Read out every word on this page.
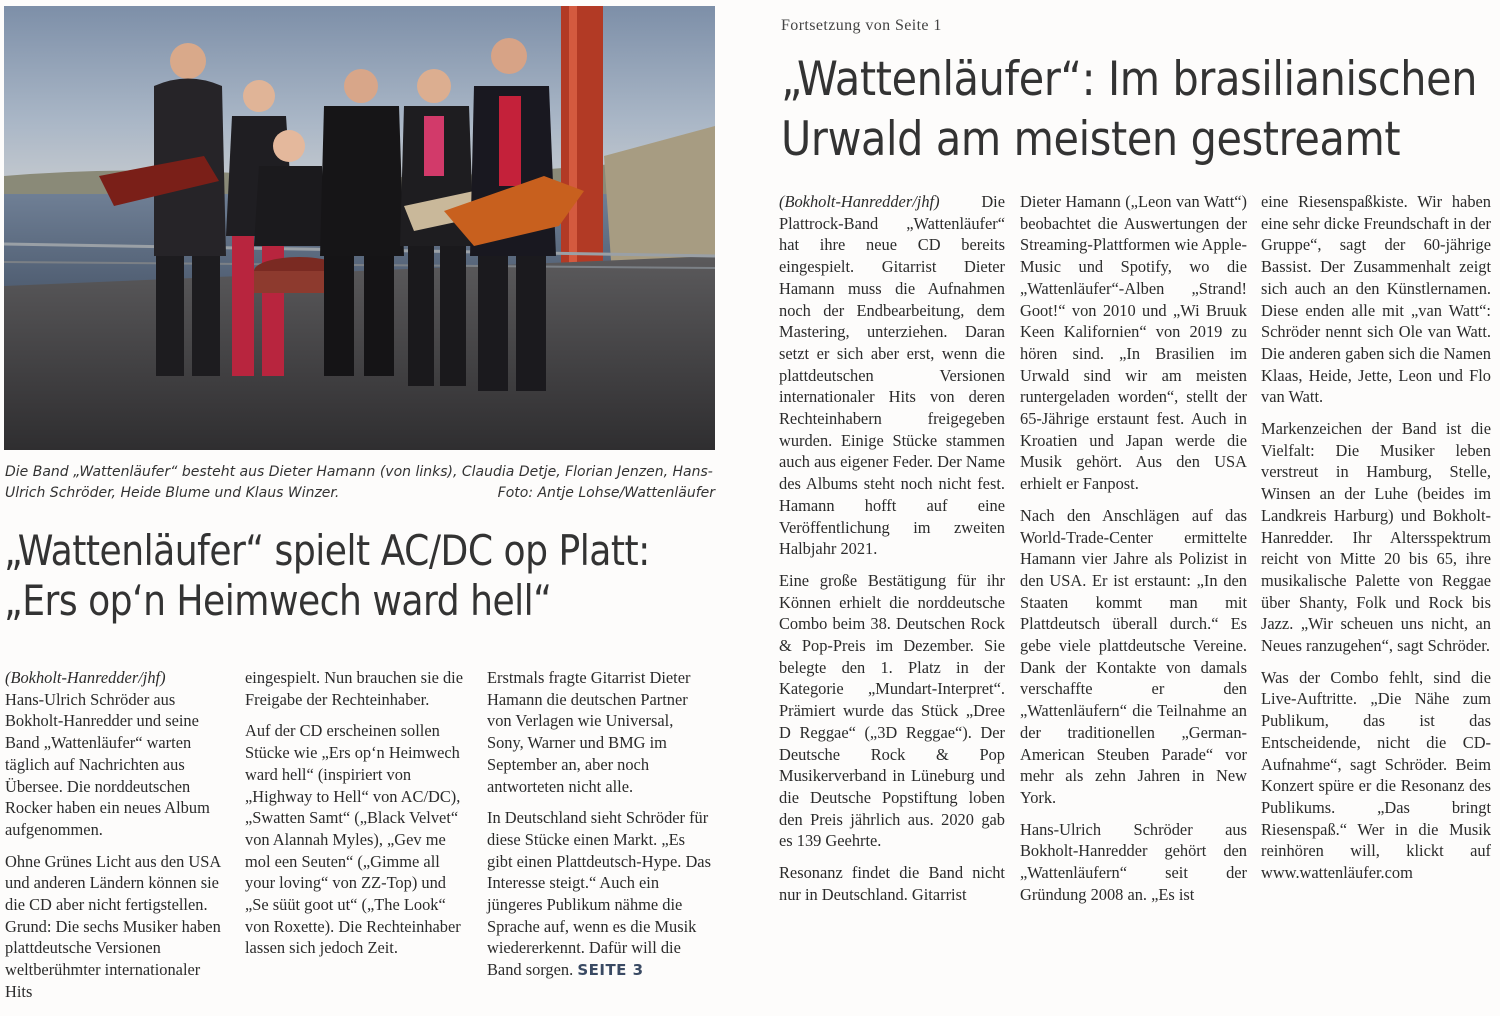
Die Band „Wattenläufer“ besteht aus Dieter Hamann (von links), Claudia Detje, Florian Jenzen, Hans-Ulrich Schröder, Heide Blume und Klaus Winzer.	Foto: Antje Lohse/Wattenläufer
„Wattenläufer“ spielt AC/DC op Platt:
„Ers op‘n Heimwech ward hell“

(Bokholt-Hanredder/jhf)
Hans-Ulrich Schröder aus Bokholt-Hanredder und seine Band „Wattenläufer“ warten täglich auf Nachrichten aus Übersee. Die norddeutschen Rocker haben ein neues Album aufgenommen.

Ohne Grünes Licht aus den USA und anderen Ländern können sie die CD aber nicht fertigstellen. Grund: Die sechs Musiker haben plattdeutsche Versionen weltberühmter internationaler Hits

eingespielt. Nun brauchen sie die Freigabe der Rechteinhaber.

Auf der CD erscheinen sollen Stücke wie „Ers op‘n Heimwech ward hell“ (inspiriert von „Highway to Hell“ von AC/DC), „Swatten Samt“ („Black Velvet“ von Alannah Myles), „Gev me mol een Seuten“ („Gimme all your loving“ von ZZ-Top) und „Se süüt goot ut“ („The Look“ von Roxette). Die Rechteinhaber lassen sich jedoch Zeit.

Erstmals fragte Gitarrist Dieter Hamann die deutschen Partner von Verlagen wie Universal, Sony, Warner und BMG im September an, aber noch antworteten nicht alle.

In Deutschland sieht Schröder für diese Stücke einen Markt. „Es gibt einen Plattdeutsch-Hype. Das Interesse steigt.“ Auch ein jüngeres Publikum nähme die Sprache auf, wenn es die Musik wiedererkennt. Dafür will die Band sorgen. SEITE 3

Fortsetzung von Seite 1
„Wattenläufer“: Im brasilianischen
Urwald am meisten gestreamt

(Bokholt-Hanredder/jhf)	Die Plattrock-Band „Wattenläufer“ hat ihre neue CD bereits eingespielt. Gitarrist Dieter Hamann muss die Aufnahmen noch der Endbearbeitung, dem Mastering, unterziehen. Daran setzt er sich aber erst, wenn die plattdeutschen Versionen internationaler Hits von deren Rechteinhabern freigegeben wurden. Einige Stücke stammen auch aus eigener Feder. Der Name des Albums steht noch nicht fest. Hamann hofft auf eine Veröffentlichung im zweiten Halbjahr 2021.

Eine große Bestätigung für ihr Können erhielt die norddeutsche Combo beim 38. Deutschen Rock & Pop-Preis im Dezember. Sie belegte den 1. Platz in der Kategorie „Mundart-Interpret“. Prämiert wurde das Stück „Dree D Reggae“ („3D Reggae“). Der Deutsche Rock & Pop Musikerverband in Lüneburg und die Deutsche Popstiftung loben den Preis jährlich aus. 2020 gab es 139 Geehrte.

Resonanz findet die Band nicht nur in Deutschland. Gitarrist

Dieter Hamann („Leon van Watt“) beobachtet die Auswertungen der Streaming-Plattformen wie Apple-Music und Spotify, wo die „Wattenläufer“-Alben „Strand! Goot!“ von 2010 und „Wi Bruuk Keen Kalifornien“ von 2019 zu hören sind. „In Brasilien im Urwald sind wir am meisten runtergeladen worden“, stellt der 65-Jährige erstaunt fest. Auch in Kroatien und Japan werde die Musik gehört. Aus den USA erhielt er Fanpost.

Nach den Anschlägen auf das World-Trade-Center ermittelte Hamann vier Jahre als Polizist in den USA. Er ist erstaunt: „In den Staaten kommt man mit Plattdeutsch überall durch.“ Es gebe viele plattdeutsche Vereine. Dank der Kontakte von damals verschaffte er den „Wattenläufern“ die Teilnahme an der traditionellen „German-American Steuben Parade“ vor mehr als zehn Jahren in New York.

Hans-Ulrich Schröder aus Bokholt-Hanredder gehört den „Wattenläufern“ seit der Gründung 2008 an. „Es ist

eine Riesenspaßkiste. Wir haben eine sehr dicke Freundschaft in der Gruppe“, sagt der 60-jährige Bassist. Der Zusammenhalt zeigt sich auch an den Künstlernamen. Diese enden alle mit „van Watt“: Schröder nennt sich Ole van Watt. Die anderen gaben sich die Namen Klaas, Heide, Jette, Leon und Flo van Watt.

Markenzeichen der Band ist die Vielfalt: Die Musiker leben verstreut in Hamburg, Stelle, Winsen an der Luhe (beides im Landkreis Harburg) und Bokholt-Hanredder. Ihr Altersspektrum reicht von Mitte 20 bis 65, ihre musikalische Palette von Reggae über Shanty, Folk und Rock bis Jazz. „Wir scheuen uns nicht, an Neues ranzugehen“, sagt Schröder.

Was der Combo fehlt, sind die Live-Auftritte. „Die Nähe zum Publikum, das ist das Entscheidende, nicht die CD-Aufnahme“, sagt Schröder. Beim Konzert spüre er die Resonanz des Publikums. „Das bringt Riesenspaß.“ Wer in die Musik reinhören will, klickt auf www.wattenläufer.com
